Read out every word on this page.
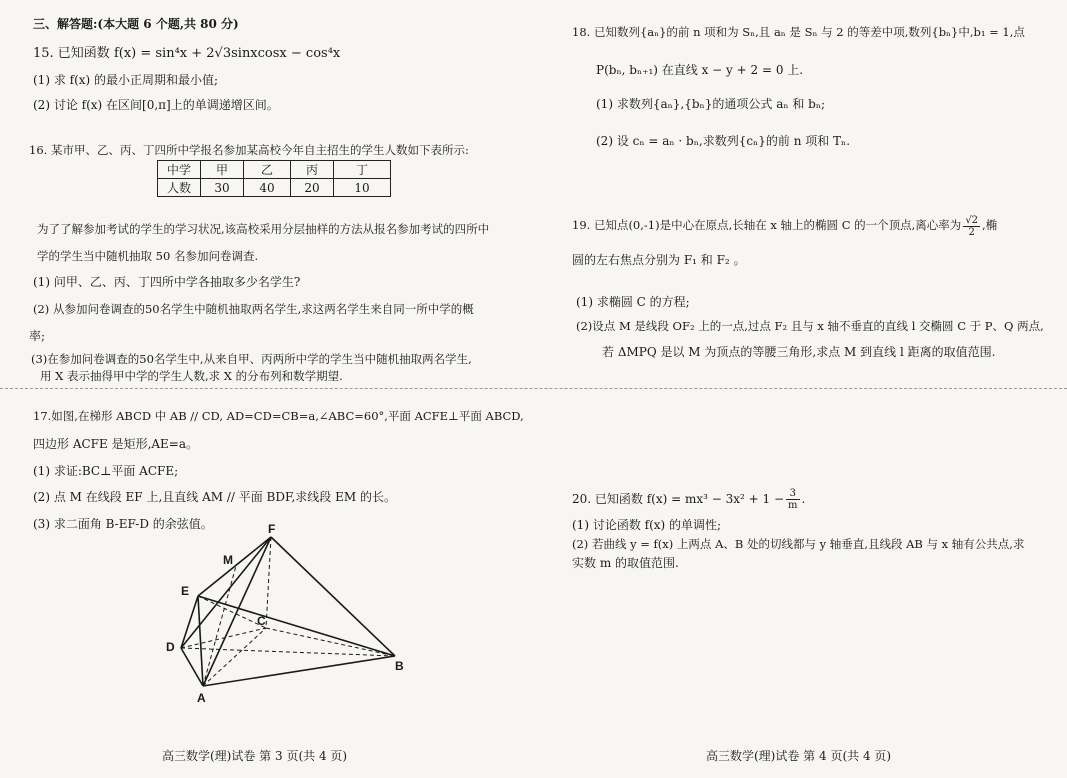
三、解答题:(本大题 6 个题,共 80 分)
15. 已知函数 f(x) = sin⁴x + 2√3sinxcosx − cos⁴x
(1) 求 f(x) 的最小正周期和最小值;
(2) 讨论 f(x) 在区间[0,π]上的单调递增区间。
16. 某市甲、乙、丙、丁四所中学报名参加某高校今年自主招生的学生人数如下表所示:
中学	甲	乙	丙	丁
人数	30	40	20	10
为了了解参加考试的学生的学习状况,该高校采用分层抽样的方法从报名参加考试的四所中
学的学生当中随机抽取 50 名参加问卷调查.
(1) 问甲、乙、丙、丁四所中学各抽取多少名学生?
(2) 从参加问卷调查的50名学生中随机抽取两名学生,求这两名学生来自同一所中学的概
率;
(3)在参加问卷调查的50名学生中,从来自甲、丙两所中学的学生当中随机抽取两名学生,
用 X 表示抽得甲中学的学生人数,求 X 的分布列和数学期望.
17.如图,在梯形 ABCD 中 AB // CD, AD=CD=CB=a,∠ABC=60°,平面 ACFE⊥平面 ABCD,
四边形 ACFE 是矩形,AE=a。
(1) 求证:BC⊥平面 ACFE;
(2) 点 M 在线段 EF 上,且直线 AM // 平面 BDF,求线段 EM 的长。
(3) 求二面角 B-EF-D 的余弦值。	F
M
E
C
D
B
A
高三数学(理)试卷 第 3 页(共 4 页)
18. 已知数列{aₙ}的前 n 项和为 Sₙ,且 aₙ 是 Sₙ 与 2 的等差中项,数列{bₙ}中,b₁ = 1,点
P(bₙ, bₙ₊₁) 在直线 x − y + 2 = 0 上.
(1) 求数列{aₙ},{bₙ}的通项公式 aₙ 和 bₙ;
(2) 设 cₙ = aₙ · bₙ,求数列{cₙ}的前 n 项和 Tₙ.
19. 已知点(0,-1)是中心在原点,长轴在 x 轴上的椭圆 C 的一个顶点,离心率为 $\frac{√2}{2}$ ,椭
圆的左右焦点分别为 F₁ 和 F₂ 。
(1) 求椭圆 C 的方程;
(2)设点 M 是线段 OF₂ 上的一点,过点 F₂ 且与 x 轴不垂直的直线 l 交椭圆 C 于 P、Q 两点,
若 ΔMPQ 是以 M 为顶点的等腰三角形,求点 M 到直线 l 距离的取值范围.
20. 已知函数 $f(x) = mx^3 - 3x^2 + 1 - \frac{3}{m}$ .
(1) 讨论函数 f(x) 的单调性;
(2) 若曲线 y = f(x) 上两点 A、B 处的切线都与 y 轴垂直,且线段 AB 与 x 轴有公共点,求
实数 m 的取值范围.
高三数学(理)试卷 第 4 页(共 4 页)
